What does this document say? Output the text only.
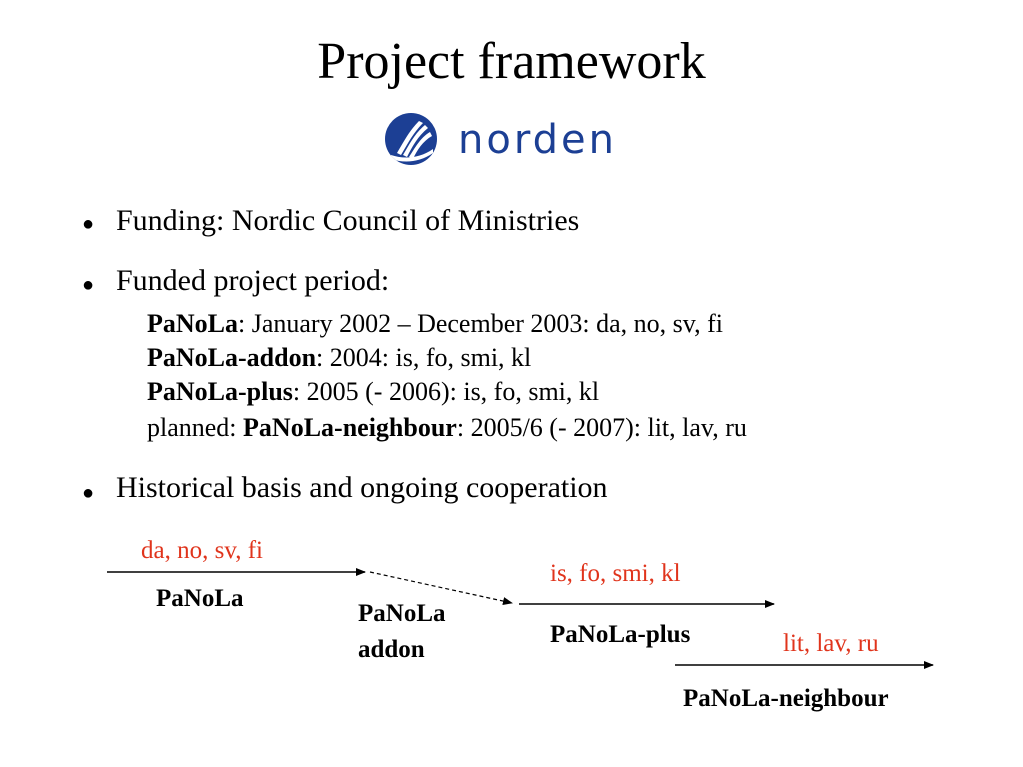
Project framework
norden
● Funding: Nordic Council of Ministries
● Funded project period:
PaNoLa: January 2002 – December 2003: da, no, sv, fi
PaNoLa-addon: 2004: is, fo, smi, kl
PaNoLa-plus: 2005 (- 2006): is, fo, smi, kl
planned: PaNoLa-neighbour: 2005/6 (- 2007): lit, lav, ru
● Historical basis and ongoing cooperation
da, no, sv, fi
PaNoLa
PaNoLa
addon
is, fo, smi, kl
PaNoLa-plus	lit, lav, ru
PaNoLa-neighbour
